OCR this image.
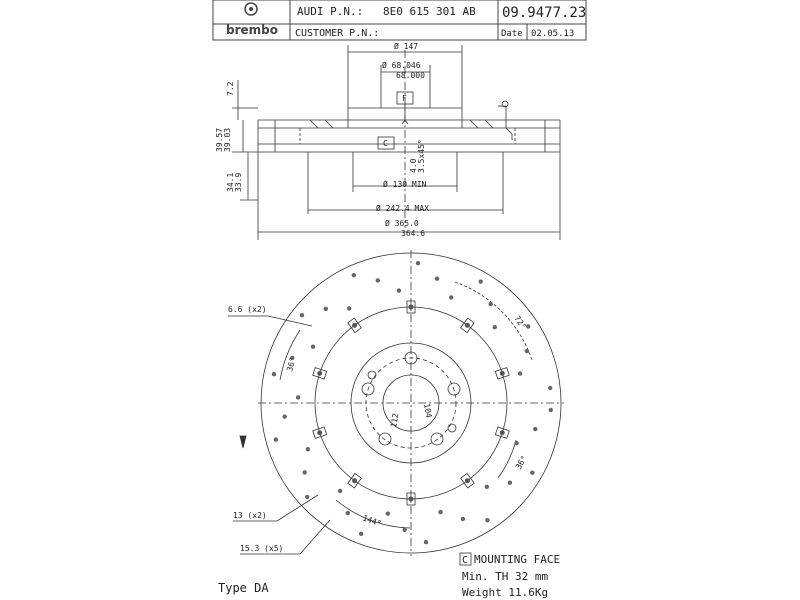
brembo
AUDI P.N.: 8E0 615 301 AB 09.9477.23
CUSTOMER P.N.:	Date 02.05.13
Ø 147
Ø 68.046
68.000
F
C
7.2
39.57 39.03
34.1 33.9
4.0 3.5x45°
Ø 130 MIN
Ø 242.4 MAX
Ø 365.0
364.6
6.6 (x2)
13 (x2)
15.3 (x5)
36°
36°
72°
144°
112
104
C MOUNTING FACE
Min. TH 32 mm
Weight 11.6Kg
Type DA
